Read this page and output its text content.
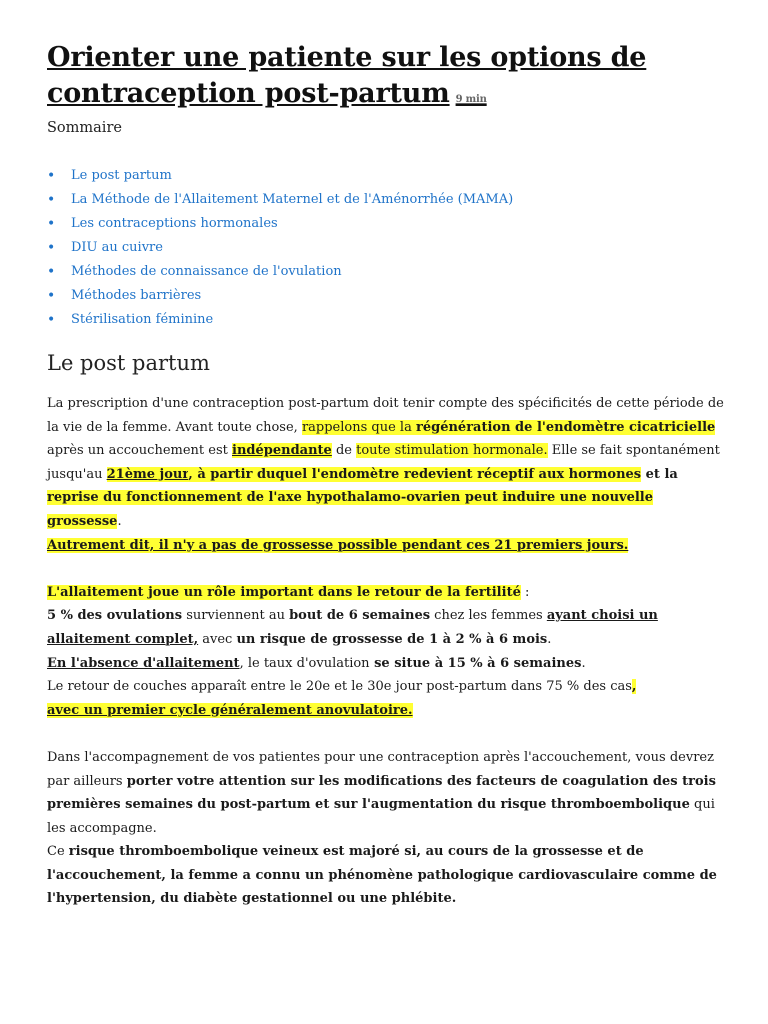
Orienter une patiente sur les options de contraception post-partum 9 min
Sommaire
• Le post partum
• La Méthode de l'Allaitement Maternel et de l'Aménorrhée (MAMA)
• Les contraceptions hormonales
• DIU au cuivre
• Méthodes de connaissance de l'ovulation
• Méthodes barrières
• Stérilisation féminine
Le post partum

La prescription d'une contraception post-partum doit tenir compte des spécificités de cette période de la vie de la femme. Avant toute chose, rappelons que la régénération de l'endomètre cicatricielle après un accouchement est indépendante de toute stimulation hormonale. Elle se fait spontanément jusqu'au 21ème jour, à partir duquel l'endomètre redevient réceptif aux hormones et la reprise du fonctionnement de l'axe hypothalamo-ovarien peut induire une nouvelle grossesse.
Autrement dit, il n'y a pas de grossesse possible pendant ces 21 premiers jours.

L'allaitement joue un rôle important dans le retour de la fertilité :
5 % des ovulations surviennent au bout de 6 semaines chez les femmes ayant choisi un allaitement complet, avec un risque de grossesse de 1 à 2 % à 6 mois.
En l'absence d'allaitement, le taux d'ovulation se situe à 15 % à 6 semaines.
Le retour de couches apparaît entre le 20e et le 30e jour post-partum dans 75 % des cas,
avec un premier cycle généralement anovulatoire.

Dans l'accompagnement de vos patientes pour une contraception après l'accouchement, vous devrez par ailleurs porter votre attention sur les modifications des facteurs de coagulation des trois premières semaines du post-partum et sur l'augmentation du risque thromboembolique qui les accompagne.
Ce risque thromboembolique veineux est majoré si, au cours de la grossesse et de l'accouchement, la femme a connu un phénomène pathologique cardiovasculaire comme de l'hypertension, du diabète gestationnel ou une phlébite.
